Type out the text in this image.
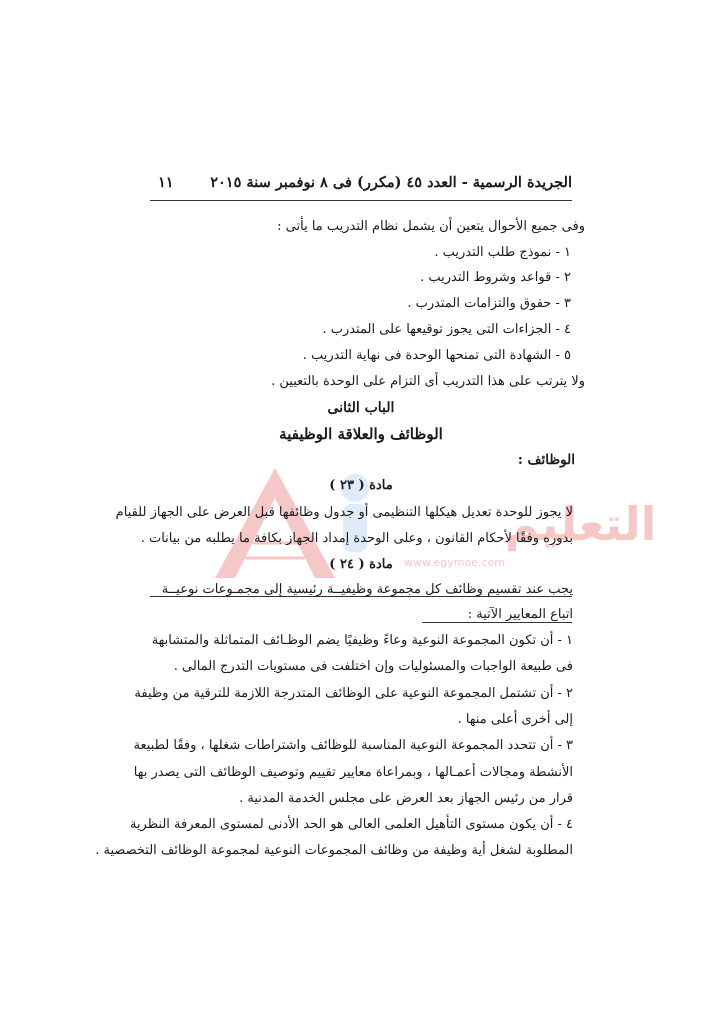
الجريدة الرسمية - العدد ٤٥ (مكرر) فى ٨ نوفمبر سنة ٢٠١٥
١١
وفى جميع الأحوال يتعين أن يشمل نظام التدريب ما يأتى :
١ - نموذج طلب التدريب .
٢ - قواعد وشروط التدريب .
٣ - حقوق والتزامات المتدرب .
٤ - الجزاءات التى يجوز توقيعها على المتدرب .
٥ - الشهادة التى تمنحها الوحدة فى نهاية التدريب .
ولا يترتب على هذا التدريب أى التزام على الوحدة بالتعيين .
الباب الثانى
الوظائف والعلاقة الوظيفية
الوظائف :
التعليم
www.egymoe.com
مادة ( ٢٣ )
لا يجوز للوحدة تعديل هيكلها التنظيمى أو جدول وظائفها قبل العرض على الجهاز للقيام
بدوره وفقًا لأحكام القانون ، وعلى الوحدة إمداد الجهاز بكافة ما يطلبه من بيانات .
مادة ( ٢٤ )
يجب عند تقسيم وظائف كل مجموعة وظيفيــة رئيسية إلى مجمـوعات نوعيــة
اتباع المعايير الآتية :
١ - أن تكون المجموعة النوعية وعاءً وظيفيًا يضم الوظـائف المتماثلة والمتشابهة
فى طبيعة الواجبات والمسئوليات وإن اختلفت فى مستويات التدرج المالى .
٢ - أن تشتمل المجموعة النوعية على الوظائف المتدرجة اللازمة للترقية من وظيفة
إلى أخرى أعلى منها .
٣ - أن تتحدد المجموعة النوعية المناسبة للوظائف واشتراطات شغلها ، وفقًا لطبيعة
الأنشطة ومجالات أعمـالها ، وبمراعاة معايير تقييم وتوصيف الوظائف التى يصدر بها
قرار من رئيس الجهاز بعد العرض على مجلس الخدمة المدنية .
٤ - أن يكون مستوى التأهيل العلمى العالى هو الحد الأدنى لمستوى المعرفة النظرية
المطلوبة لشغل أية وظيفة من وظائف المجموعات النوعية لمجموعة الوظائف التخصصية .
